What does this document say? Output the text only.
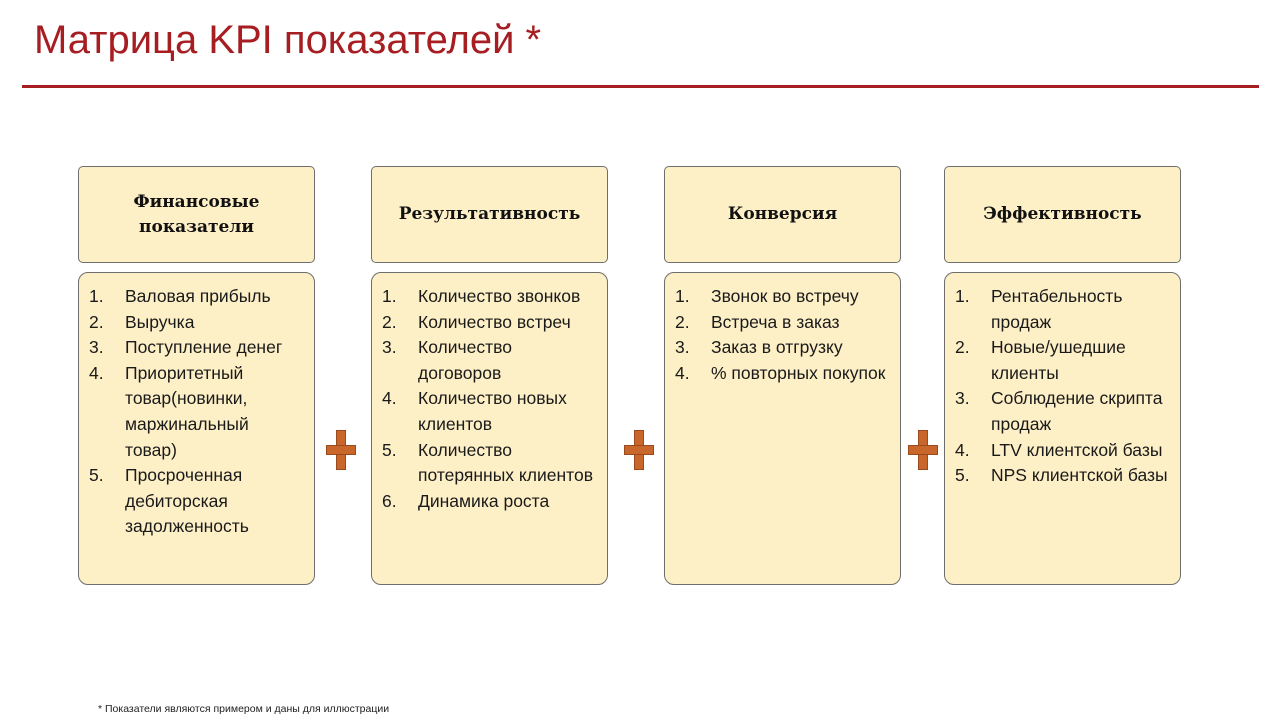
Матрица KPI показателей *
Финансовые
показатели
1.	Валовая прибыль
2.	Выручка
3.	Поступление денег
4.	Приоритетный товар(новинки, маржинальный товар)
5.	Просроченная дебиторская задолженность
Результативность
1.	Количество звонков
2.	Количество встреч
3.	Количество договоров
4.	Количество новых клиентов
5.	Количество потерянных клиентов
6.	Динамика роста
Конверсия
1.	Звонок во встречу
2.	Встреча в заказ
3.	Заказ в отгрузку
4.	% повторных покупок
Эффективность
1.	Рентабельность продаж
2.	Новые/ушедшие клиенты
3.	Соблюдение скрипта продаж
4.	LTV клиентской базы
5.	NPS клиентской базы
* Показатели являются примером и даны для иллюстрации
